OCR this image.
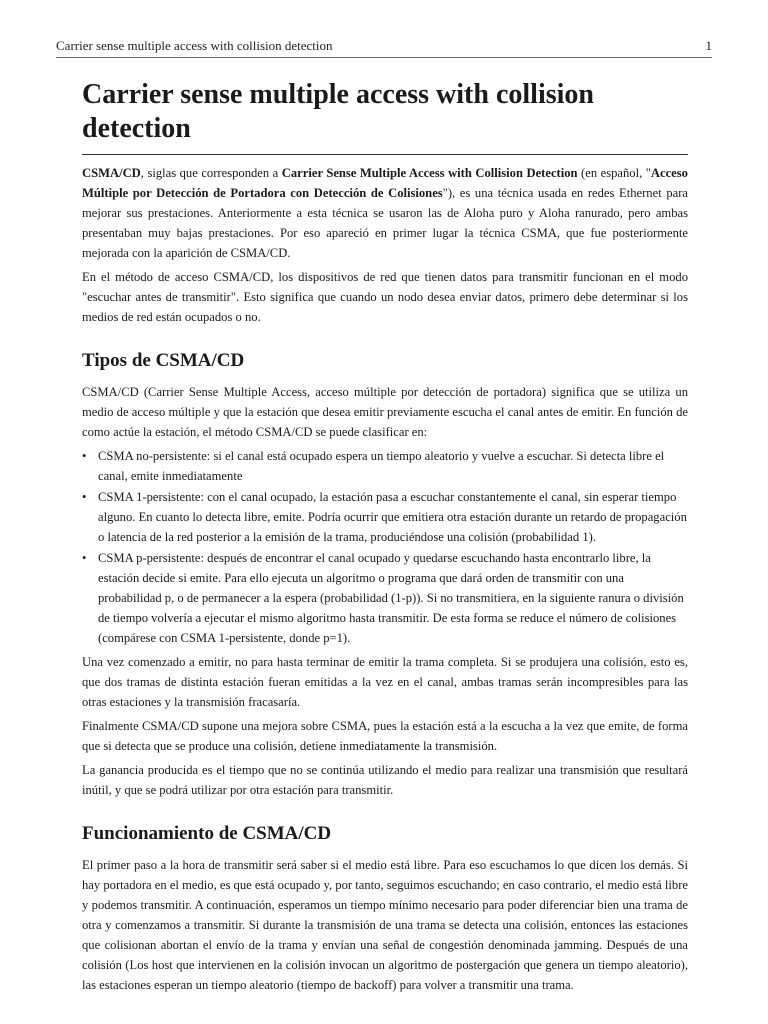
Carrier sense multiple access with collision detection	1
Carrier sense multiple access with collision detection

CSMA/CD, siglas que corresponden a Carrier Sense Multiple Access with Collision Detection (en español, "Acceso Múltiple por Detección de Portadora con Detección de Colisiones"), es una técnica usada en redes Ethernet para mejorar sus prestaciones. Anteriormente a esta técnica se usaron las de Aloha puro y Aloha ranurado, pero ambas presentaban muy bajas prestaciones. Por eso apareció en primer lugar la técnica CSMA, que fue posteriormente mejorada con la aparición de CSMA/CD.

En el método de acceso CSMA/CD, los dispositivos de red que tienen datos para transmitir funcionan en el modo "escuchar antes de transmitir". Esto significa que cuando un nodo desea enviar datos, primero debe determinar si los medios de red están ocupados o no.

Tipos de CSMA/CD

CSMA/CD (Carrier Sense Multiple Access, acceso múltiple por detección de portadora) significa que se utiliza un medio de acceso múltiple y que la estación que desea emitir previamente escucha el canal antes de emitir. En función de como actúe la estación, el método CSMA/CD se puede clasificar en:

• CSMA no-persistente: si el canal está ocupado espera un tiempo aleatorio y vuelve a escuchar. Si detecta libre el canal, emite inmediatamente
• CSMA 1-persistente: con el canal ocupado, la estación pasa a escuchar constantemente el canal, sin esperar tiempo alguno. En cuanto lo detecta libre, emite. Podría ocurrir que emitiera otra estación durante un retardo de propagación o latencia de la red posterior a la emisión de la trama, produciéndose una colisión (probabilidad 1).
• CSMA p-persistente: después de encontrar el canal ocupado y quedarse escuchando hasta encontrarlo libre, la estación decide si emite. Para ello ejecuta un algoritmo o programa que dará orden de transmitir con una probabilidad p, o de permanecer a la espera (probabilidad (1-p)). Si no transmitiera, en la siguiente ranura o división de tiempo volvería a ejecutar el mismo algoritmo hasta transmitir. De esta forma se reduce el número de colisiones (compárese con CSMA 1-persistente, donde p=1).

Una vez comenzado a emitir, no para hasta terminar de emitir la trama completa. Si se produjera una colisión, esto es, que dos tramas de distinta estación fueran emitidas a la vez en el canal, ambas tramas serán incompresibles para las otras estaciones y la transmisión fracasaría.

Finalmente CSMA/CD supone una mejora sobre CSMA, pues la estación está a la escucha a la vez que emite, de forma que si detecta que se produce una colisión, detiene inmediatamente la transmisión.

La ganancia producida es el tiempo que no se continúa utilizando el medio para realizar una transmisión que resultará inútil, y que se podrá utilizar por otra estación para transmitir.

Funcionamiento de CSMA/CD

El primer paso a la hora de transmitir será saber si el medio está libre. Para eso escuchamos lo que dicen los demás. Si hay portadora en el medio, es que está ocupado y, por tanto, seguimos escuchando; en caso contrario, el medio está libre y podemos transmitir. A continuación, esperamos un tiempo mínimo necesario para poder diferenciar bien una trama de otra y comenzamos a transmitir. Si durante la transmisión de una trama se detecta una colisión, entonces las estaciones que colisionan abortan el envío de la trama y envían una señal de congestión denominada jamming. Después de una colisión (Los host que intervienen en la colisión invocan un algoritmo de postergación que genera un tiempo aleatorio), las estaciones esperan un tiempo aleatorio (tiempo de backoff) para volver a transmitir una trama.
